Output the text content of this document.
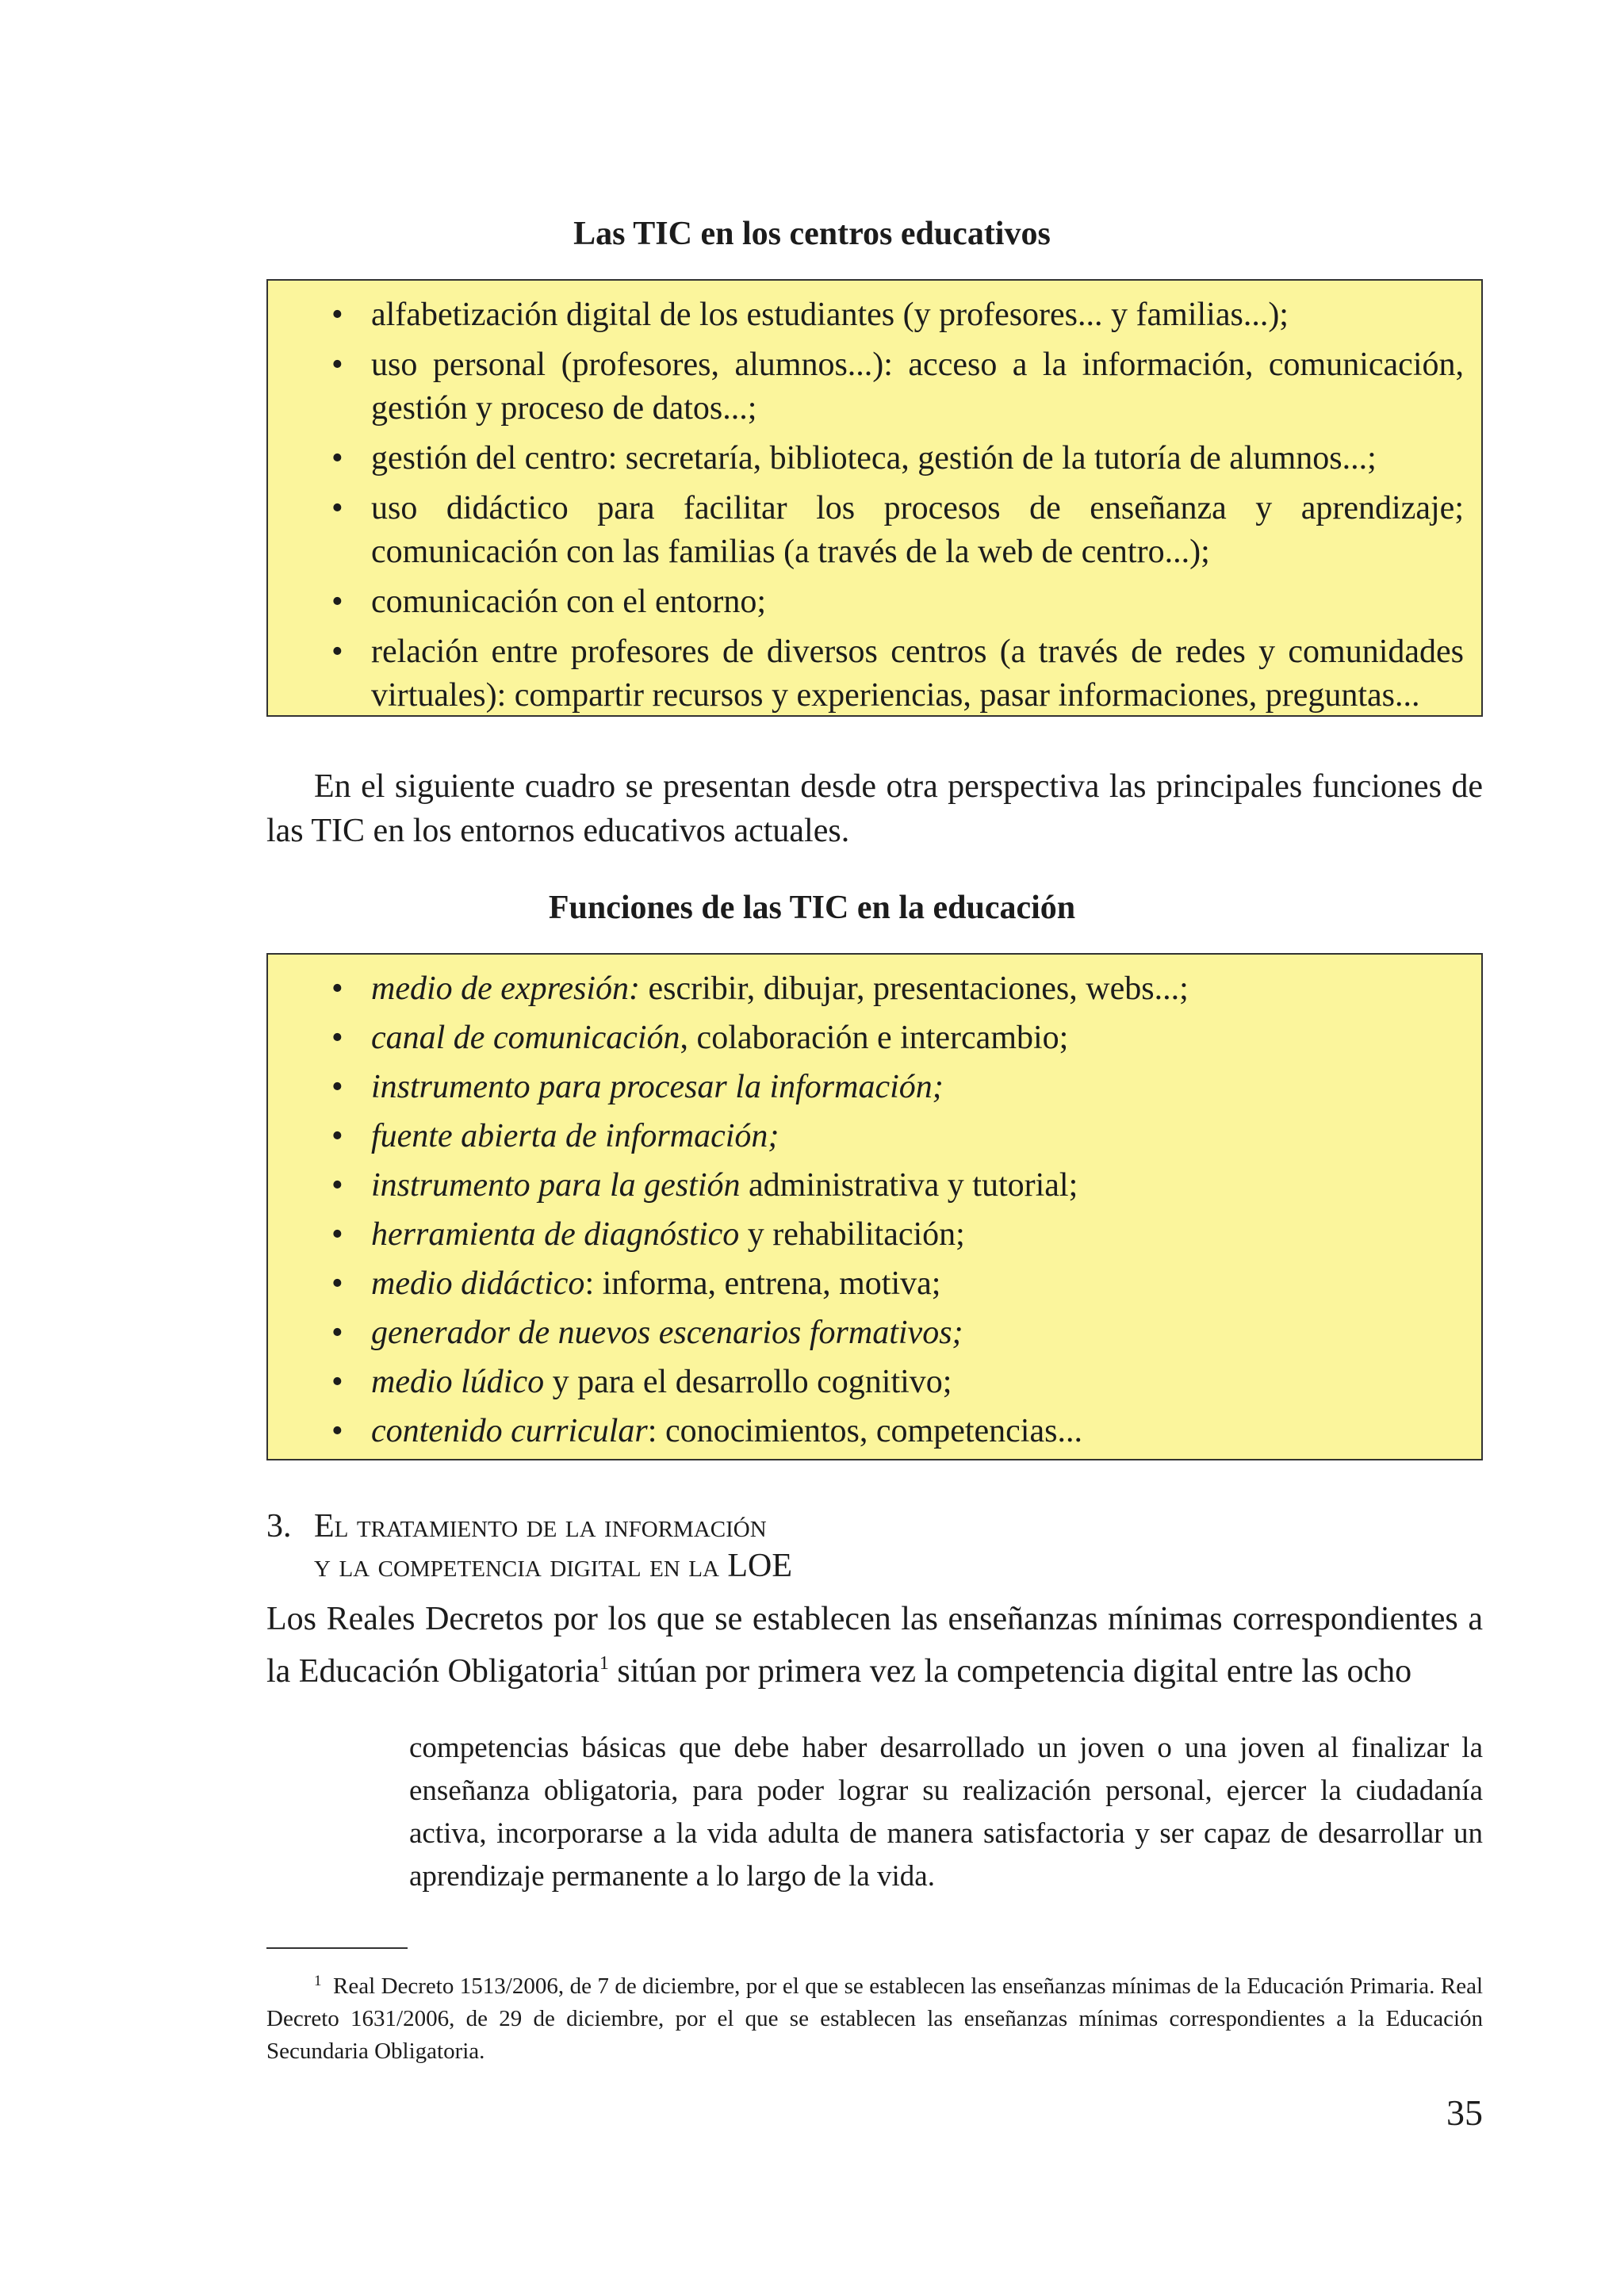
Las TIC en los centros educativos
• alfabetización digital de los estudiantes (y profesores... y familias...);
• uso personal (profesores, alumnos...): acceso a la información, comunicación, gestión y proceso de datos...;
• gestión del centro: secretaría, biblioteca, gestión de la tutoría de alumnos...;
• uso didáctico para facilitar los procesos de enseñanza y aprendizaje; comunicación con las familias (a través de la web de centro...);
• comunicación con el entorno;
• relación entre profesores de diversos centros (a través de redes y comunidades virtuales): compartir recursos y experiencias, pasar informaciones, preguntas...

En el siguiente cuadro se presentan desde otra perspectiva las principales funciones de las TIC en los entornos educativos actuales.

Funciones de las TIC en la educación
• medio de expresión: escribir, dibujar, presentaciones, webs...;
• canal de comunicación, colaboración e intercambio;
• instrumento para procesar la información;
• fuente abierta de información;
• instrumento para la gestión administrativa y tutorial;
• herramienta de diagnóstico y rehabilitación;
• medio didáctico: informa, entrena, motiva;
• generador de nuevos escenarios formativos;
• medio lúdico y para el desarrollo cognitivo;
• contenido curricular: conocimientos, competencias...
3. El tratamiento de la información
y la competencia digital en la LOE

Los Reales Decretos por los que se establecen las enseñanzas mínimas correspondientes a la Educación Obligatoria$^1$ sitúan por primera vez la competencia digital entre las ocho

competencias básicas que debe haber desarrollado un joven o una joven al finalizar la enseñanza obligatoria, para poder lograr su realización personal, ejercer la ciudadanía activa, incorporarse a la vida adulta de manera satisfactoria y ser capaz de desarrollar un aprendizaje permanente a lo largo de la vida.

$^1$ Real Decreto 1513/2006, de 7 de diciembre, por el que se establecen las enseñanzas mínimas de la Educación Primaria. Real Decreto 1631/2006, de 29 de diciembre, por el que se establecen las enseñanzas mínimas correspondientes a la Educación Secundaria Obligatoria.

35
